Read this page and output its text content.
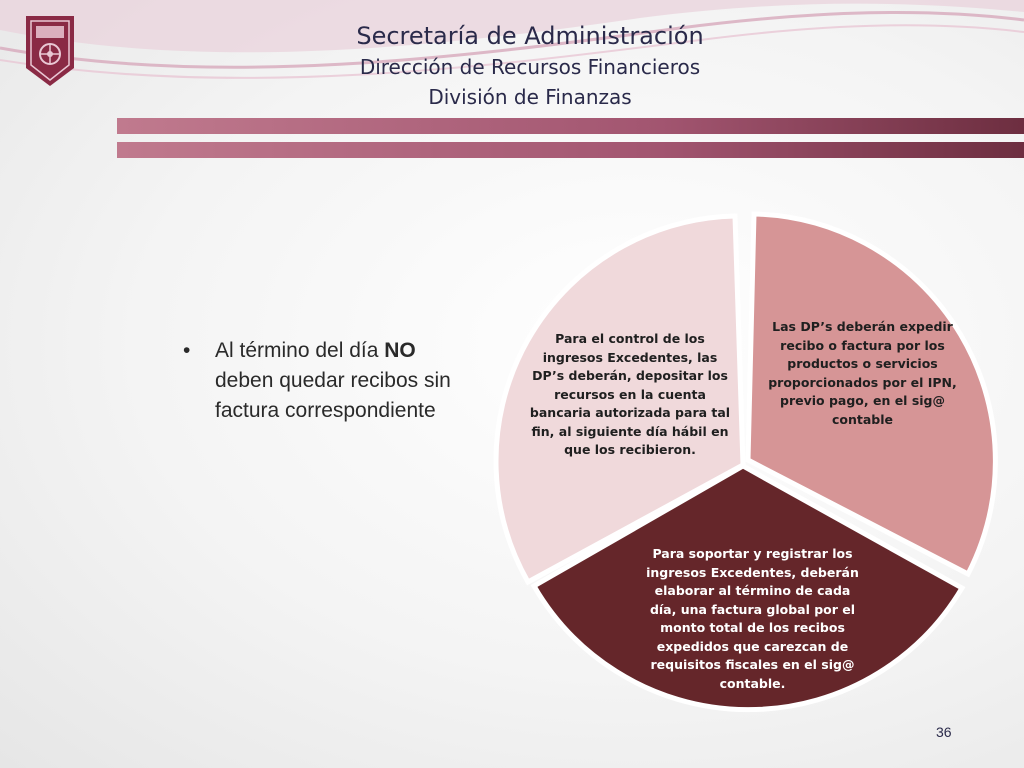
Secretaría de Administración
Dirección de Recursos Financieros
División de Finanzas
• Al término del día NO deben quedar recibos sin factura correspondiente
Para el control de los ingresos Excedentes, las DP’s deberán, depositar los recursos en la cuenta bancaria autorizada para tal fin, al siguiente día hábil en que los recibieron.
Las DP’s deberán expedir recibo o factura por los productos o servicios proporcionados por el IPN, previo pago, en el sig@ contable
Para soportar y registrar los ingresos Excedentes, deberán elaborar al término de cada día, una factura global por el monto total de los recibos expedidos que carezcan de requisitos fiscales en el sig@ contable.
36
